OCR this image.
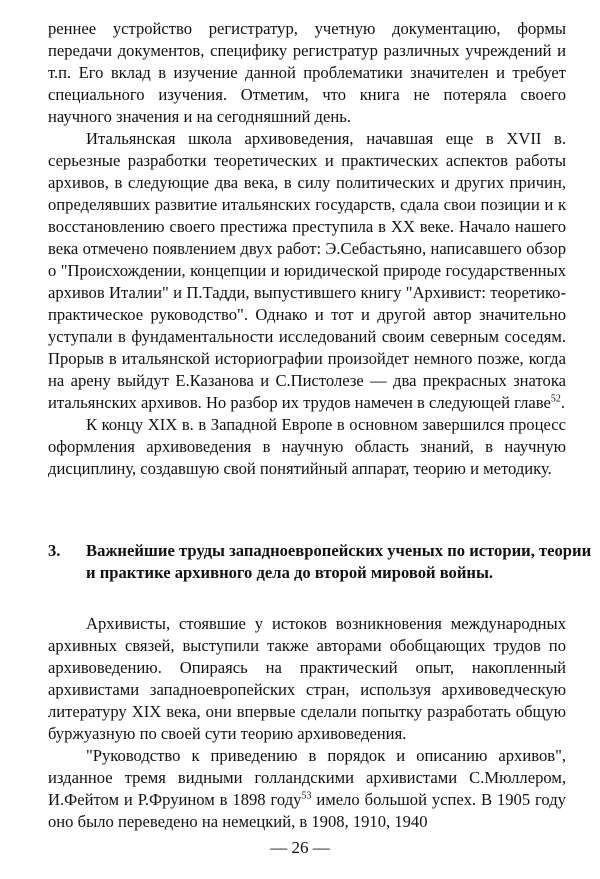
реннее устройство регистратур, учетную документацию, формы передачи документов, специфику регистратур различных учреждений и т.п. Его вклад в изучение данной проблематики значителен и требует специального изучения. Отметим, что книга не потеряла своего научного значения и на сегодняшний день.

Итальянская школа архивоведения, начавшая еще в XVII в. серьезные разработки теоретических и практических аспектов работы архивов, в следующие два века, в силу политических и других причин, определявших развитие итальянских государств, сдала свои позиции и к восстановлению своего престижа преступила в XX веке. Начало нашего века отмечено появлением двух работ: Э.Себастьяно, написавшего обзор о "Происхождении, концепции и юридической природе государственных архивов Италии" и П.Тадди, выпустившего книгу "Архивист: теоретико-практическое руководство". Однако и тот и другой автор значительно уступали в фундаментальности исследований своим северным соседям. Прорыв в итальянской историографии произойдет немного позже, когда на арену выйдут Е.Казанова и С.Пистолезе — два прекрасных знатока итальянских архивов. Но разбор их трудов намечен в следующей главе$^{52}$.

К концу XIX в. в Западной Европе в основном завершился процесс оформления архивоведения в научную область знаний, в научную дисциплину, создавшую свой понятийный аппарат, теорию и методику.

3. Важнейшие труды западноевропейских ученых по истории, теории и практике архивного дела до второй мировой войны.

Архивисты, стоявшие у истоков возникновения международных архивных связей, выступили также авторами обобщающих трудов по архивоведению. Опираясь на практический опыт, накопленный архивистами западноевропейских стран, используя архивоведческую литературу XIX века, они впервые сделали попытку разработать общую буржуазную по своей сути теорию архивоведения.

"Руководство к приведению в порядок и описанию архивов", изданное тремя видными голландскими архивистами С.Мюллером, И.Фейтом и Р.Фруином в 1898 году$^{53}$ имело большой успех. В 1905 году оно было переведено на немецкий, в 1908, 1910, 1940

— 26 —
